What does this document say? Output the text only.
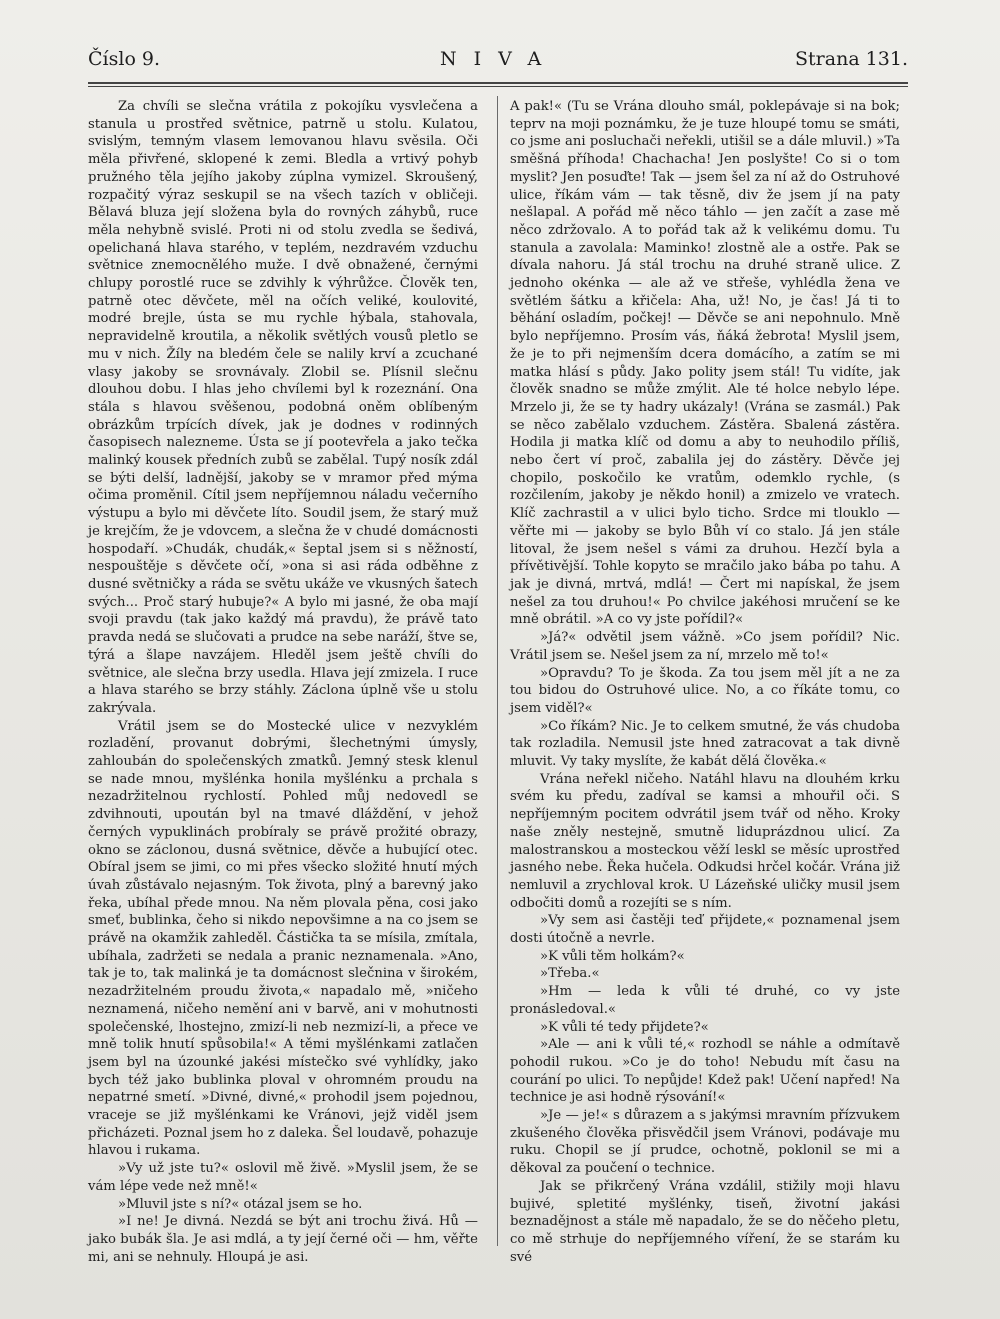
Číslo 9.	NIVA	Strana 131.

Za chvíli se slečna vrátila z pokojíku vysvlečena a stanula u prostřed světnice, patrně u stolu. Kulatou, svislým, temným vlasem lemovanou hlavu svěsila. Oči měla přivřené, sklopené k zemi. Bledla a vrtivý pohyb pružného těla jejího jakoby zúplna vymizel. Skroušený, rozpačitý výraz seskupil se na všech tazích v obličeji. Bělavá bluza její složena byla do rovných záhybů, ruce měla nehybně svislé. Proti ni od stolu zvedla se šedivá, opelichaná hlava starého, v teplém, nezdravém vzduchu světnice znemocnělého muže. I dvě obnažené, černými chlupy porostlé ruce se zdvihly k výhrůžce. Člověk ten, patrně otec děvčete, měl na očích veliké, koulovité, modré brejle, ústa se mu rychle hýbala, stahovala, nepravidelně kroutila, a několik světlých vousů pletlo se mu v nich. Žíly na bledém čele se nalily krví a zcuchané vlasy jakoby se srovnávaly. Zlobil se. Plísnil slečnu dlouhou dobu. I hlas jeho chvílemi byl k rozeznání. Ona stála s hlavou svěšenou, podobná oněm oblíbeným obrázkům trpících dívek, jak je dodnes v rodinných časopisech nalezneme. Ústa se jí pootevřela a jako tečka malinký kousek předních zubů se zabělal. Tupý nosík zdál se býti delší, ladnější, jakoby se v mramor před mýma očima proměnil. Cítil jsem nepříjemnou náladu večerního výstupu a bylo mi děvčete líto. Soudil jsem, že starý muž je krejčím, že je vdovcem, a slečna že v chudé domácnosti hospodaří. »Chudák, chudák,« šeptal jsem si s něžností, nespouštěje s děvčete očí, »ona si asi ráda odběhne z dusné světničky a ráda se světu ukáže ve vkusných šatech svých... Proč starý hubuje?« A bylo mi jasné, že oba mají svoji pravdu (tak jako každý má pravdu), že právě tato pravda nedá se slučovati a prudce na sebe naráží, štve se, týrá a šlape navzájem. Hleděl jsem ještě chvíli do světnice, ale slečna brzy usedla. Hlava její zmizela. I ruce a hlava starého se brzy stáhly. Záclona úplně vše u stolu zakrývala.

Vrátil jsem se do Mostecké ulice v nezvyklém rozladění, provanut dobrými, šlechetnými úmysly, zahloubán do společenských zmatků. Jemný stesk klenul se nade mnou, myšlénka honila myšlénku a prchala s nezadržitelnou rychlostí. Pohled můj nedovedl se zdvihnouti, upoután byl na tmavé dláždění, v jehož černých vypuklinách probíraly se právě prožité obrazy, okno se záclonou, dusná světnice, děvče a hubující otec. Obíral jsem se jimi, co mi přes všecko složité hnutí mých úvah zůstávalo nejasným. Tok života, plný a barevný jako řeka, ubíhal přede mnou. Na něm plovala pěna, cosi jako smeť, bublinka, čeho si nikdo nepovšimne a na co jsem se právě na okamžik zahleděl. Částička ta se mísila, zmítala, ubíhala, zadržeti se nedala a pranic neznamenala. »Ano, tak je to, tak malinká je ta domácnost slečnina v širokém, nezadržitelném proudu života,« napadalo mě, »ničeho neznamená, ničeho nemění ani v barvě, ani v mohutnosti společenské, lhostejno, zmizí-li neb nezmizí-li, a přece ve mně tolik hnutí spůsobila!« A těmi myšlénkami zatlačen jsem byl na úzounké jakési místečko své vyhlídky, jako bych též jako bublinka ploval v ohromném proudu na nepatrné smetí. »Divné, divné,« prohodil jsem pojednou, vraceje se již myšlénkami ke Vránovi, jejž viděl jsem přicházeti. Poznal jsem ho z daleka. Šel loudavě, pohazuje hlavou i rukama.

»Vy už jste tu?« oslovil mě živě. »Myslil jsem, že se vám lépe vede než mně!«

»Mluvil jste s ní?« otázal jsem se ho.

»I ne! Je divná. Nezdá se být ani trochu živá. Hů — jako bubák šla. Je asi mdlá, a ty její černé oči — hm, věřte mi, ani se nehnuly. Hloupá je asi.

A pak!« (Tu se Vrána dlouho smál, poklepávaje si na bok; teprv na moji poznámku, že je tuze hloupé tomu se smáti, co jsme ani posluchači neřekli, utišil se a dále mluvil.) »Ta směšná příhoda! Chachacha! Jen poslyšte! Co si o tom myslit? Jen posuďte! Tak — jsem šel za ní až do Ostruhové ulice, říkám vám — tak těsně, div že jsem jí na paty nešlapal. A pořád mě něco táhlo — jen začít a zase mě něco zdržovalo. A to pořád tak až k velikému domu. Tu stanula a zavolala: Maminko! zlostně ale a ostře. Pak se dívala nahoru. Já stál trochu na druhé straně ulice. Z jednoho okénka — ale až ve střeše, vyhlédla žena ve světlém šátku a křičela: Aha, už! No, je čas! Já ti to běhání osladím, počkej! — Děvče se ani nepohnulo. Mně bylo nepříjemno. Prosím vás, ňáká žebrota! Myslil jsem, že je to při nejmenším dcera domácího, a zatím se mi matka hlásí s půdy. Jako polity jsem stál! Tu vidíte, jak člověk snadno se může zmýlit. Ale té holce nebylo lépe. Mrzelo ji, že se ty hadry ukázaly! (Vrána se zasmál.) Pak se něco zabělalo vzduchem. Zástěra. Sbalená zástěra. Hodila ji matka klíč od domu a aby to neuhodilo příliš, nebo čert ví proč, zabalila jej do zástěry. Děvče jej chopilo, poskočilo ke vratům, odemklo rychle, (s rozčilením, jakoby je někdo honil) a zmizelo ve vratech. Klíč zachrastil a v ulici bylo ticho. Srdce mi tlouklo — věřte mi — jakoby se bylo Bůh ví co stalo. Já jen stále litoval, že jsem nešel s vámi za druhou. Hezčí byla a přívětivější. Tohle kopyto se mračilo jako bába po tahu. A jak je divná, mrtvá, mdlá! — Čert mi napískal, že jsem nešel za tou druhou!« Po chvilce jakéhosi mručení se ke mně obrátil. »A co vy jste pořídil?«

»Já?« odvětil jsem vážně. »Co jsem pořídil? Nic. Vrátil jsem se. Nešel jsem za ní, mrzelo mě to!«

»Opravdu? To je škoda. Za tou jsem měl jít a ne za tou bidou do Ostruhové ulice. No, a co říkáte tomu, co jsem viděl?«

»Co říkám? Nic. Je to celkem smutné, že vás chudoba tak rozladila. Nemusil jste hned zatracovat a tak divně mluvit. Vy taky myslíte, že kabát dělá člověka.«

Vrána neřekl ničeho. Natáhl hlavu na dlouhém krku svém ku předu, zadíval se kamsi a mhouřil oči. S nepříjemným pocitem odvrátil jsem tvář od něho. Kroky naše zněly nestejně, smutně liduprázdnou ulicí. Za malostranskou a mosteckou věží leskl se měsíc uprostřed jasného nebe. Řeka hučela. Odkudsi hrčel kočár. Vrána již nemluvil a zrychloval krok. U Lázeňské uličky musil jsem odbočiti domů a rozejíti se s ním.

»Vy sem asi častěji teď přijdete,« poznamenal jsem dosti útočně a nevrle.

»K vůli těm holkám?«

»Třeba.«

»Hm — leda k vůli té druhé, co vy jste pronásledoval.«

»K vůli té tedy přijdete?«

»Ale — ani k vůli té,« rozhodl se náhle a odmítavě pohodil rukou. »Co je do toho! Nebudu mít času na courání po ulici. To nepůjde! Kdež pak! Učení napřed! Na technice je asi hodně rýsování!«

»Je — je!« s důrazem a s jakýmsi mravním přízvukem zkušeného člověka přisvědčil jsem Vránovi, podávaje mu ruku. Chopil se jí prudce, ochotně, poklonil se mi a děkoval za poučení o technice.

Jak se přikrčený Vrána vzdálil, stižily moji hlavu bujivé, spletité myšlénky, tiseň, životní jakási beznadějnost a stále mě napadalo, že se do něčeho pletu, co mě strhuje do nepříjemného víření, že se starám ku své
